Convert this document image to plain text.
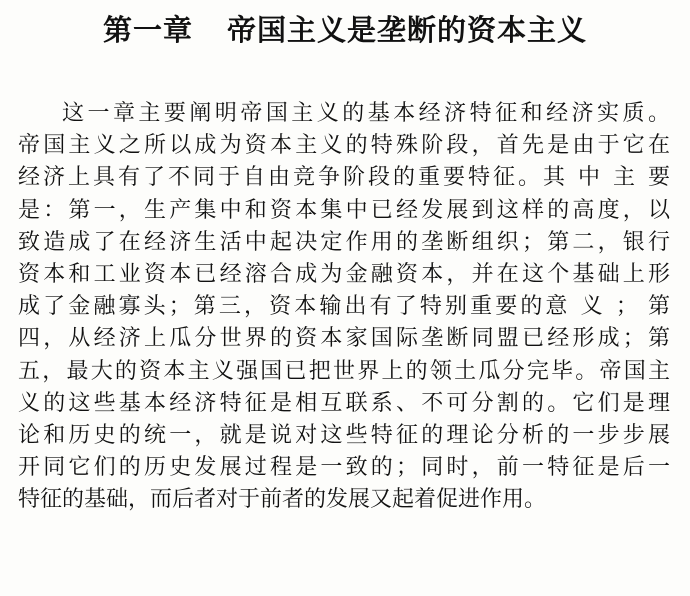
第一章 帝国主义是垄断的资本主义
这一章主要阐明帝国主义的基本经济特征和经济实质。
帝国主义之所以成为资本主义的特殊阶段，首先是由于它在
经济上具有了不同于自由竞争阶段的重要特征。其 中 主 要
是：第一，生产集中和资本集中已经发展到这样的高度，以
致造成了在经济生活中起决定作用的垄断组织；第二，银行
资本和工业资本已经溶合成为金融资本，并在这个基础上形
成了金融寡头；第三，资本输出有了特别重要的意 义 ； 第
四，从经济上瓜分世界的资本家国际垄断同盟已经形成；第
五，最大的资本主义强国已把世界上的领土瓜分完毕。帝国主
义的这些基本经济特征是相互联系、不可分割的。它们是理
论和历史的统一，就是说对这些特征的理论分析的一步步展
开同它们的历史发展过程是一致的；同时，前一特征是后一
特征的基础，而后者对于前者的发展又起着促进作用。
